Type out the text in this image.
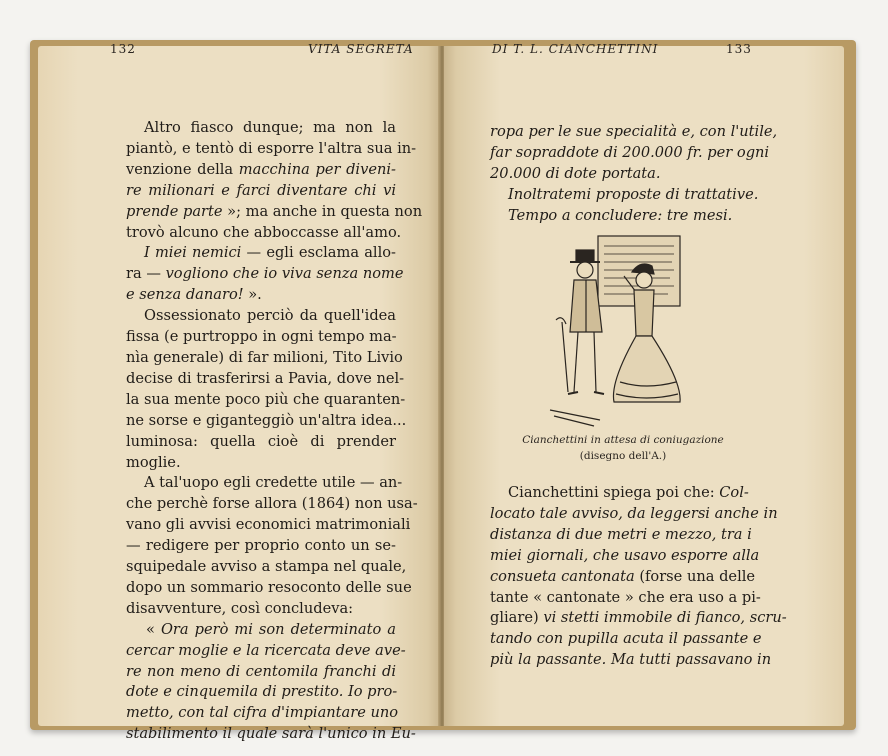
132	VITA SEGRETA	DI T. L. CIANCHETTINI	133
Altro fiasco dunque; ma non la
piantò, e tentò di esporre l'altra sua in-
venzione della macchina per diveni-
re milionari e farci diventare chi vi
prende parte »; ma anche in questa non
trovò alcuno che abboccasse all'amo.
I miei nemici — egli esclama allo-
ra — vogliono che io viva senza nome
e senza danaro! ».
Ossessionato perciò da quell'idea
fissa (e purtroppo in ogni tempo ma-
nìa generale) di far milioni, Tito Livio
decise di trasferirsi a Pavia, dove nel-
la sua mente poco più che quaranten-
ne sorse e giganteggiò un'altra idea...
luminosa: quella cioè di prender
moglie.
A tal'uopo egli credette utile — an-
che perchè forse allora (1864) non usa-
vano gli avvisi economici matrimoniali
— redigere per proprio conto un se-
squipedale avviso a stampa nel quale,
dopo un sommario resoconto delle sue
disavventure, così concludeva:
« Ora però mi son determinato a
cercar moglie e la ricercata deve ave-
re non meno di centomila franchi di
dote e cinquemila di prestito. Io pro-
metto, con tal cifra d'impiantare uno
stabilimento il quale sarà l'unico in Eu-
ropa per le sue specialità e, con l'utile,
far sopraddote di 200.000 fr. per ogni
20.000 di dote portata.
Inoltratemi proposte di trattative.
Tempo a concludere: tre mesi.
Cianchettini in attesa di coniugazione
(disegno dell'A.)
Cianchettini spiega poi che: Col-
locato tale avviso, da leggersi anche in
distanza di due metri e mezzo, tra i
miei giornali, che usavo esporre alla
consueta cantonata (forse una delle
tante « cantonate » che era uso a pi-
gliare) vi stetti immobile di fianco, scru-
tando con pupilla acuta il passante e
più la passante. Ma tutti passavano in
